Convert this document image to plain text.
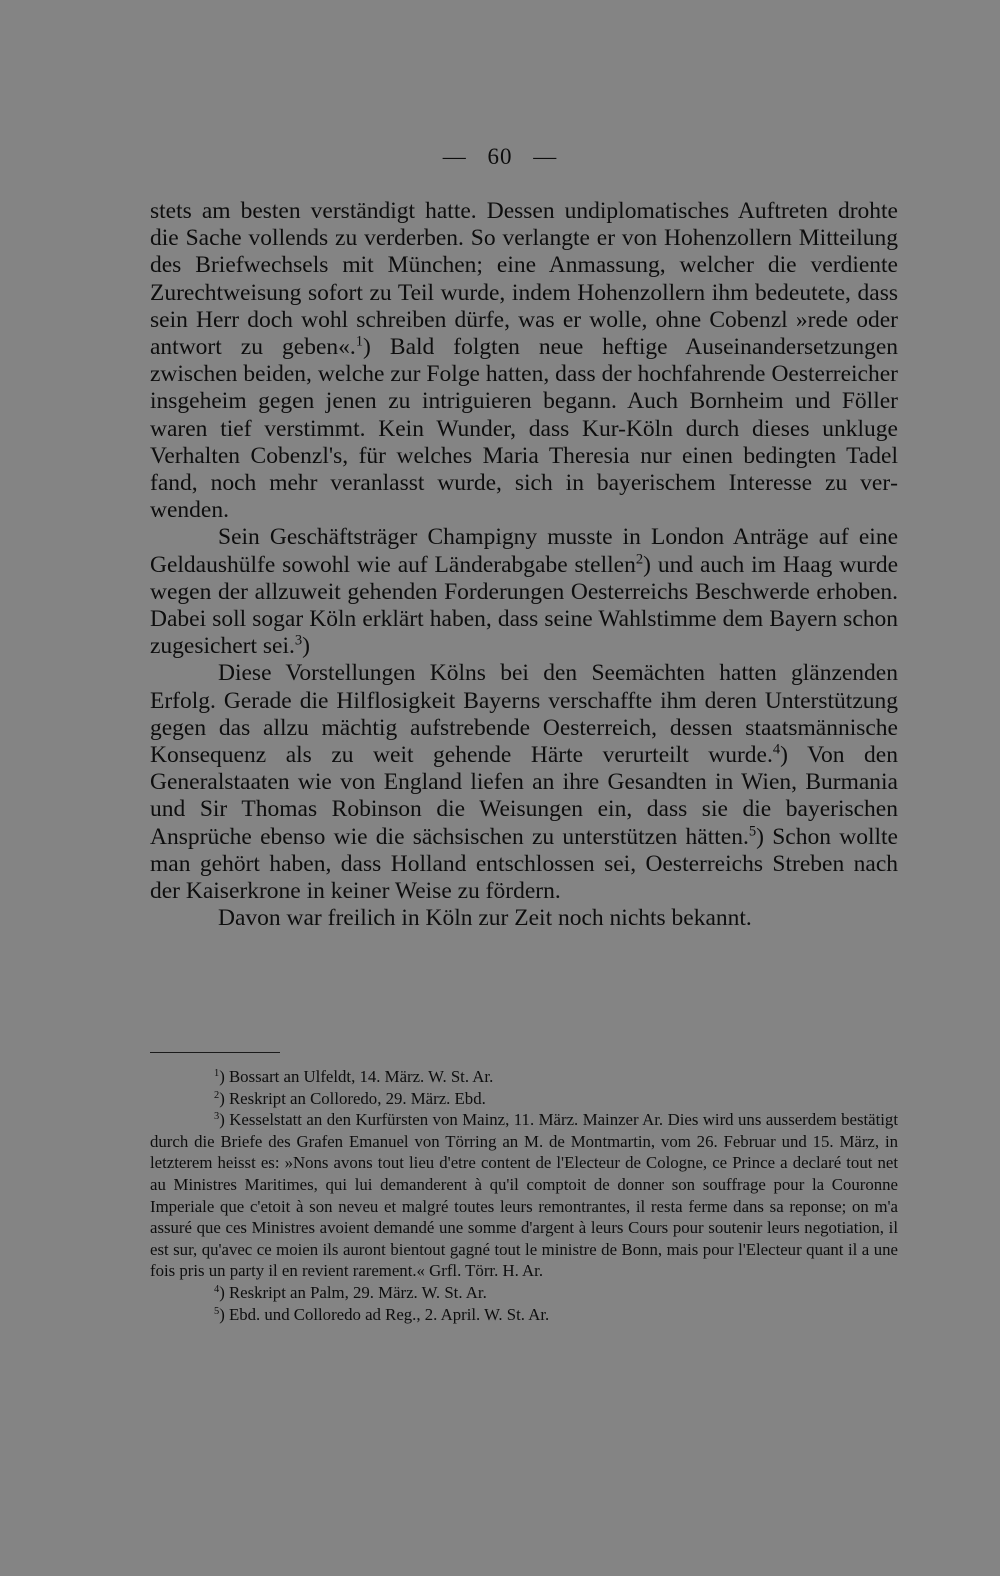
— 60 —

stets am besten verständigt hatte. Dessen undiplomatisches Auftreten drohte die Sache vollends zu verderben. So verlangte er von Hohenzollern Mitteilung des Briefwechsels mit München; eine Anmassung, welcher die verdiente Zurechtweisung sofort zu Teil wurde, indem Hohenzollern ihm bedeutete, dass sein Herr doch wohl schreiben dürfe, was er wolle, ohne Cobenzl »rede oder antwort zu geben«.$^1$) Bald folgten neue heftige Auseinandersetzungen zwischen beiden, welche zur Folge hatten, dass der hochfahrende Oesterreicher insgeheim gegen jenen zu intriguieren begann. Auch Bornheim und Föller waren tief verstimmt. Kein Wunder, dass Kur-Köln durch dieses unkluge Verhalten Cobenzl's, für welches Maria Theresia nur einen bedingten Tadel fand, noch mehr veranlasst wurde, sich in bayerischem Interesse zu verwenden.

Sein Geschäftsträger Champigny musste in London Anträge auf eine Geldaushülfe sowohl wie auf Länderabgabe stellen$^2$) und auch im Haag wurde wegen der allzuweit gehenden Forderungen Oesterreichs Beschwerde erhoben. Dabei soll sogar Köln erklärt haben, dass seine Wahlstimme dem Bayern schon zugesichert sei.$^3$)

Diese Vorstellungen Kölns bei den Seemächten hatten glänzenden Erfolg. Gerade die Hilflosigkeit Bayerns verschaffte ihm deren Unterstützung gegen das allzu mächtig aufstrebende Oesterreich, dessen staatsmännische Konsequenz als zu weit gehende Härte verurteilt wurde.$^4$) Von den Generalstaaten wie von England liefen an ihre Gesandten in Wien, Burmania und Sir Thomas Robinson die Weisungen ein, dass sie die bayerischen Ansprüche ebenso wie die sächsischen zu unterstützen hätten.$^5$) Schon wollte man gehört haben, dass Holland entschlossen sei, Oesterreichs Streben nach der Kaiserkrone in keiner Weise zu fördern.

Davon war freilich in Köln zur Zeit noch nichts bekannt.

$^1$) Bossart an Ulfeldt, 14. März. W. St. Ar.

$^2$) Reskript an Colloredo, 29. März. Ebd.

$^3$) Kesselstatt an den Kurfürsten von Mainz, 11. März. Mainzer Ar. Dies wird uns ausserdem bestätigt durch die Briefe des Grafen Emanuel von Törring an M. de Montmartin, vom 26. Februar und 15. März, in letzterem heisst es: »Nons avons tout lieu d'etre content de l'Electeur de Cologne, ce Prince a declaré tout net au Ministres Maritimes, qui lui demanderent à qu'il comptoit de donner son souffrage pour la Couronne Imperiale que c'etoit à son neveu et malgré toutes leurs remontrantes, il resta ferme dans sa reponse; on m'a assuré que ces Ministres avoient demandé une somme d'argent à leurs Cours pour soutenir leurs negotiation, il est sur, qu'avec ce moien ils auront bientout gagné tout le ministre de Bonn, mais pour l'Electeur quant il a une fois pris un party il en revient rarement.« Grfl. Törr. H. Ar.

$^4$) Reskript an Palm, 29. März. W. St. Ar.

$^5$) Ebd. und Colloredo ad Reg., 2. April. W. St. Ar.
